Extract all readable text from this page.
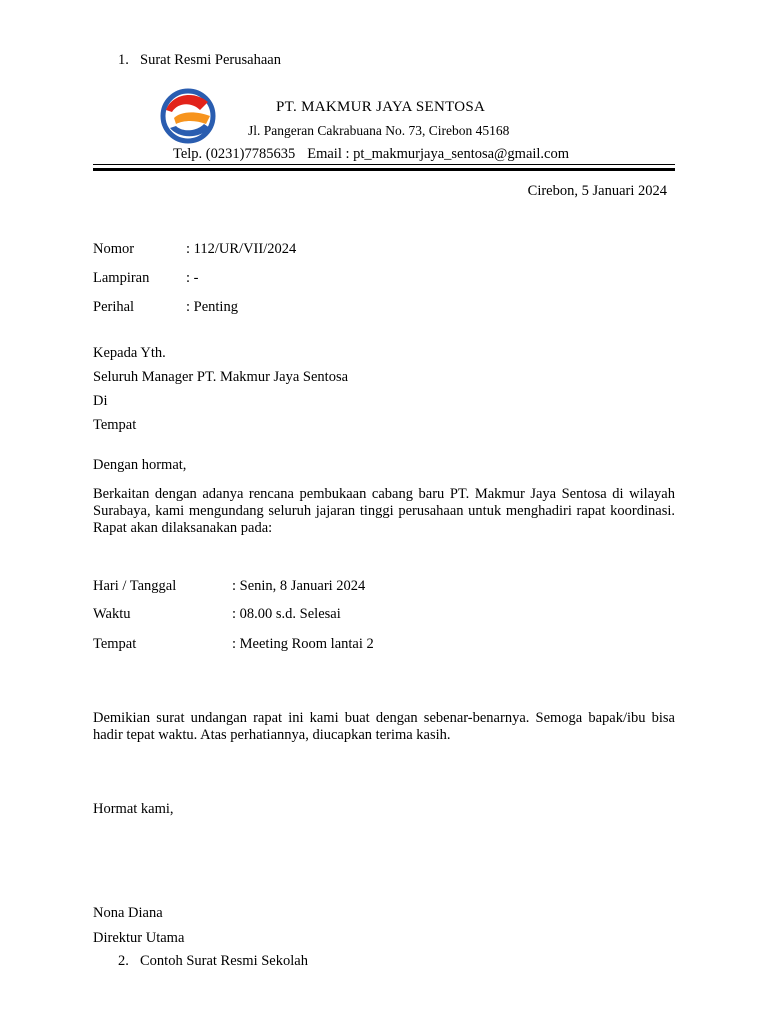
1. Surat Resmi Perusahaan
PT. MAKMUR JAYA SENTOSA
Jl. Pangeran Cakrabuana No. 73, Cirebon 45168
Telp. (0231)7785635 Email : pt_makmurjaya_sentosa@gmail.com
Cirebon, 5 Januari 2024
Nomor	: 112/UR/VII/2024
Lampiran	: -
Perihal	: Penting
Kepada Yth.
Seluruh Manager PT. Makmur Jaya Sentosa
Di
Tempat
Dengan hormat,
Berkaitan dengan adanya rencana pembukaan cabang baru PT. Makmur Jaya Sentosa di wilayah Surabaya, kami mengundang seluruh jajaran tinggi perusahaan untuk menghadiri rapat koordinasi. Rapat akan dilaksanakan pada:
Hari / Tanggal	: Senin, 8 Januari 2024
Waktu	: 08.00 s.d. Selesai
Tempat	: Meeting Room lantai 2
Demikian surat undangan rapat ini kami buat dengan sebenar-benarnya. Semoga bapak/ibu bisa hadir tepat waktu. Atas perhatiannya, diucapkan terima kasih.
Hormat kami,
Nona Diana
Direktur Utama
2. Contoh Surat Resmi Sekolah
